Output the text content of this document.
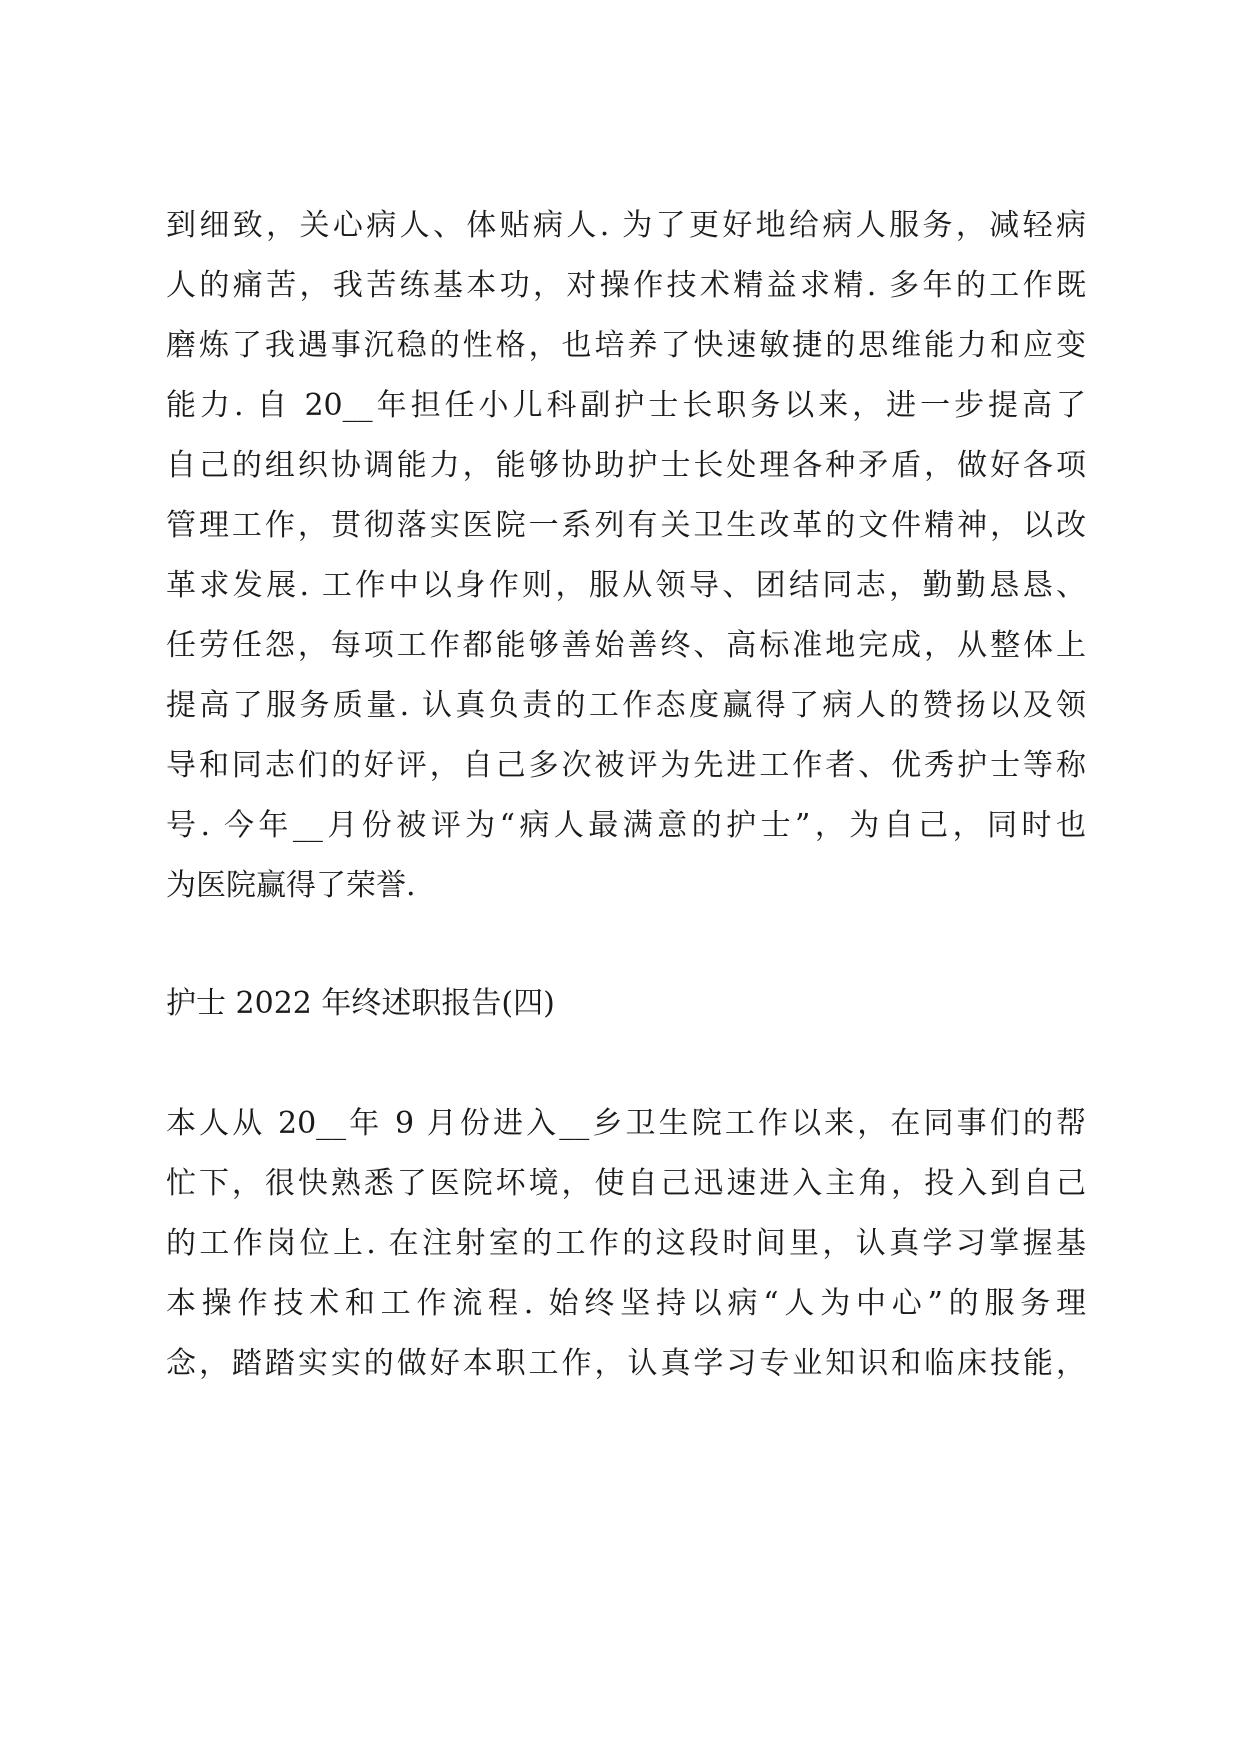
到细致，关心病人、体贴病人. 为了更好地给病人服务，减轻病
人的痛苦，我苦练基本功，对操作技术精益求精. 多年的工作既
磨炼了我遇事沉稳的性格，也培养了快速敏捷的思维能力和应变
能力. 自 20__年担任小儿科副护士长职务以来，进一步提高了
自己的组织协调能力，能够协助护士长处理各种矛盾，做好各项
管理工作，贯彻落实医院一系列有关卫生改革的文件精神，以改
革求发展. 工作中以身作则，服从领导、团结同志，勤勤恳恳、
任劳任怨，每项工作都能够善始善终、高标准地完成，从整体上
提高了服务质量. 认真负责的工作态度赢得了病人的赞扬以及领
导和同志们的好评，自己多次被评为先进工作者、优秀护士等称
号. 今年__月份被评为“病人最满意的护士”，为自己，同时也
为医院赢得了荣誉.
护士 2022 年终述职报告(四)
本人从 20__年 9 月份进入__乡卫生院工作以来，在同事们的帮
忙下，很快熟悉了医院坏境，使自己迅速进入主角，投入到自己
的工作岗位上. 在注射室的工作的这段时间里，认真学习掌握基
本操作技术和工作流程. 始终坚持以病“人为中心”的服务理
念，踏踏实实的做好本职工作，认真学习专业知识和临床技能，
